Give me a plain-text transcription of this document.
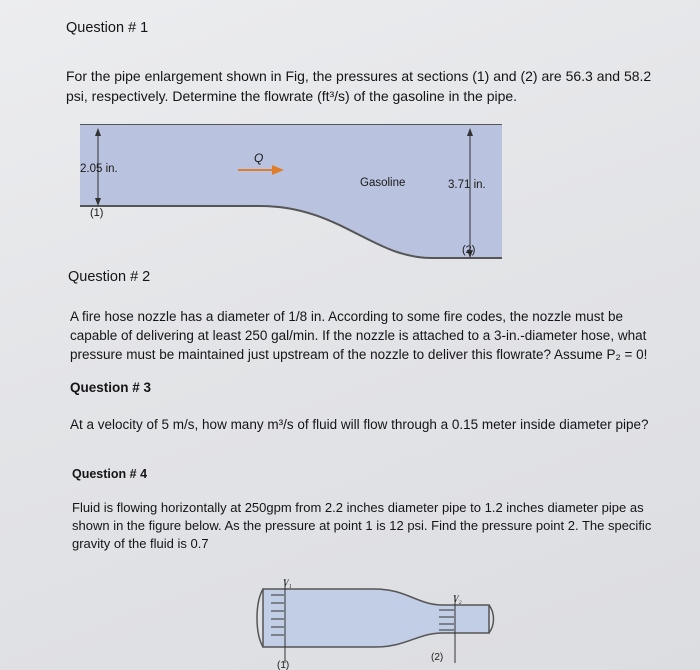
Question # 1
For the pipe enlargement shown in Fig, the pressures at sections (1) and (2) are 56.3 and 58.2 psi, respectively. Determine the flowrate (ft³/s) of the gasoline in the pipe.
2.05 in.
3.71 in.
Q
Gasoline
(1)
(2)
Question # 2
A fire hose nozzle has a diameter of 1/8 in. According to some fire codes, the nozzle must be capable of delivering at least 250 gal/min. If the nozzle is attached to a 3-in.-diameter hose, what pressure must be maintained just upstream of the nozzle to deliver this flowrate? Assume P₂ = 0!
Question # 3
At a velocity of 5 m/s, how many m³/s of fluid will flow through a 0.15 meter inside diameter pipe?
Question # 4
Fluid is flowing horizontally at 250gpm from 2.2 inches diameter pipe to 1.2 inches diameter pipe as shown in the figure below. As the pressure at point 1 is 12 psi. Find the pressure point 2. The specific gravity of the fluid is 0.7
V₁
V₂
(1)
(2)
